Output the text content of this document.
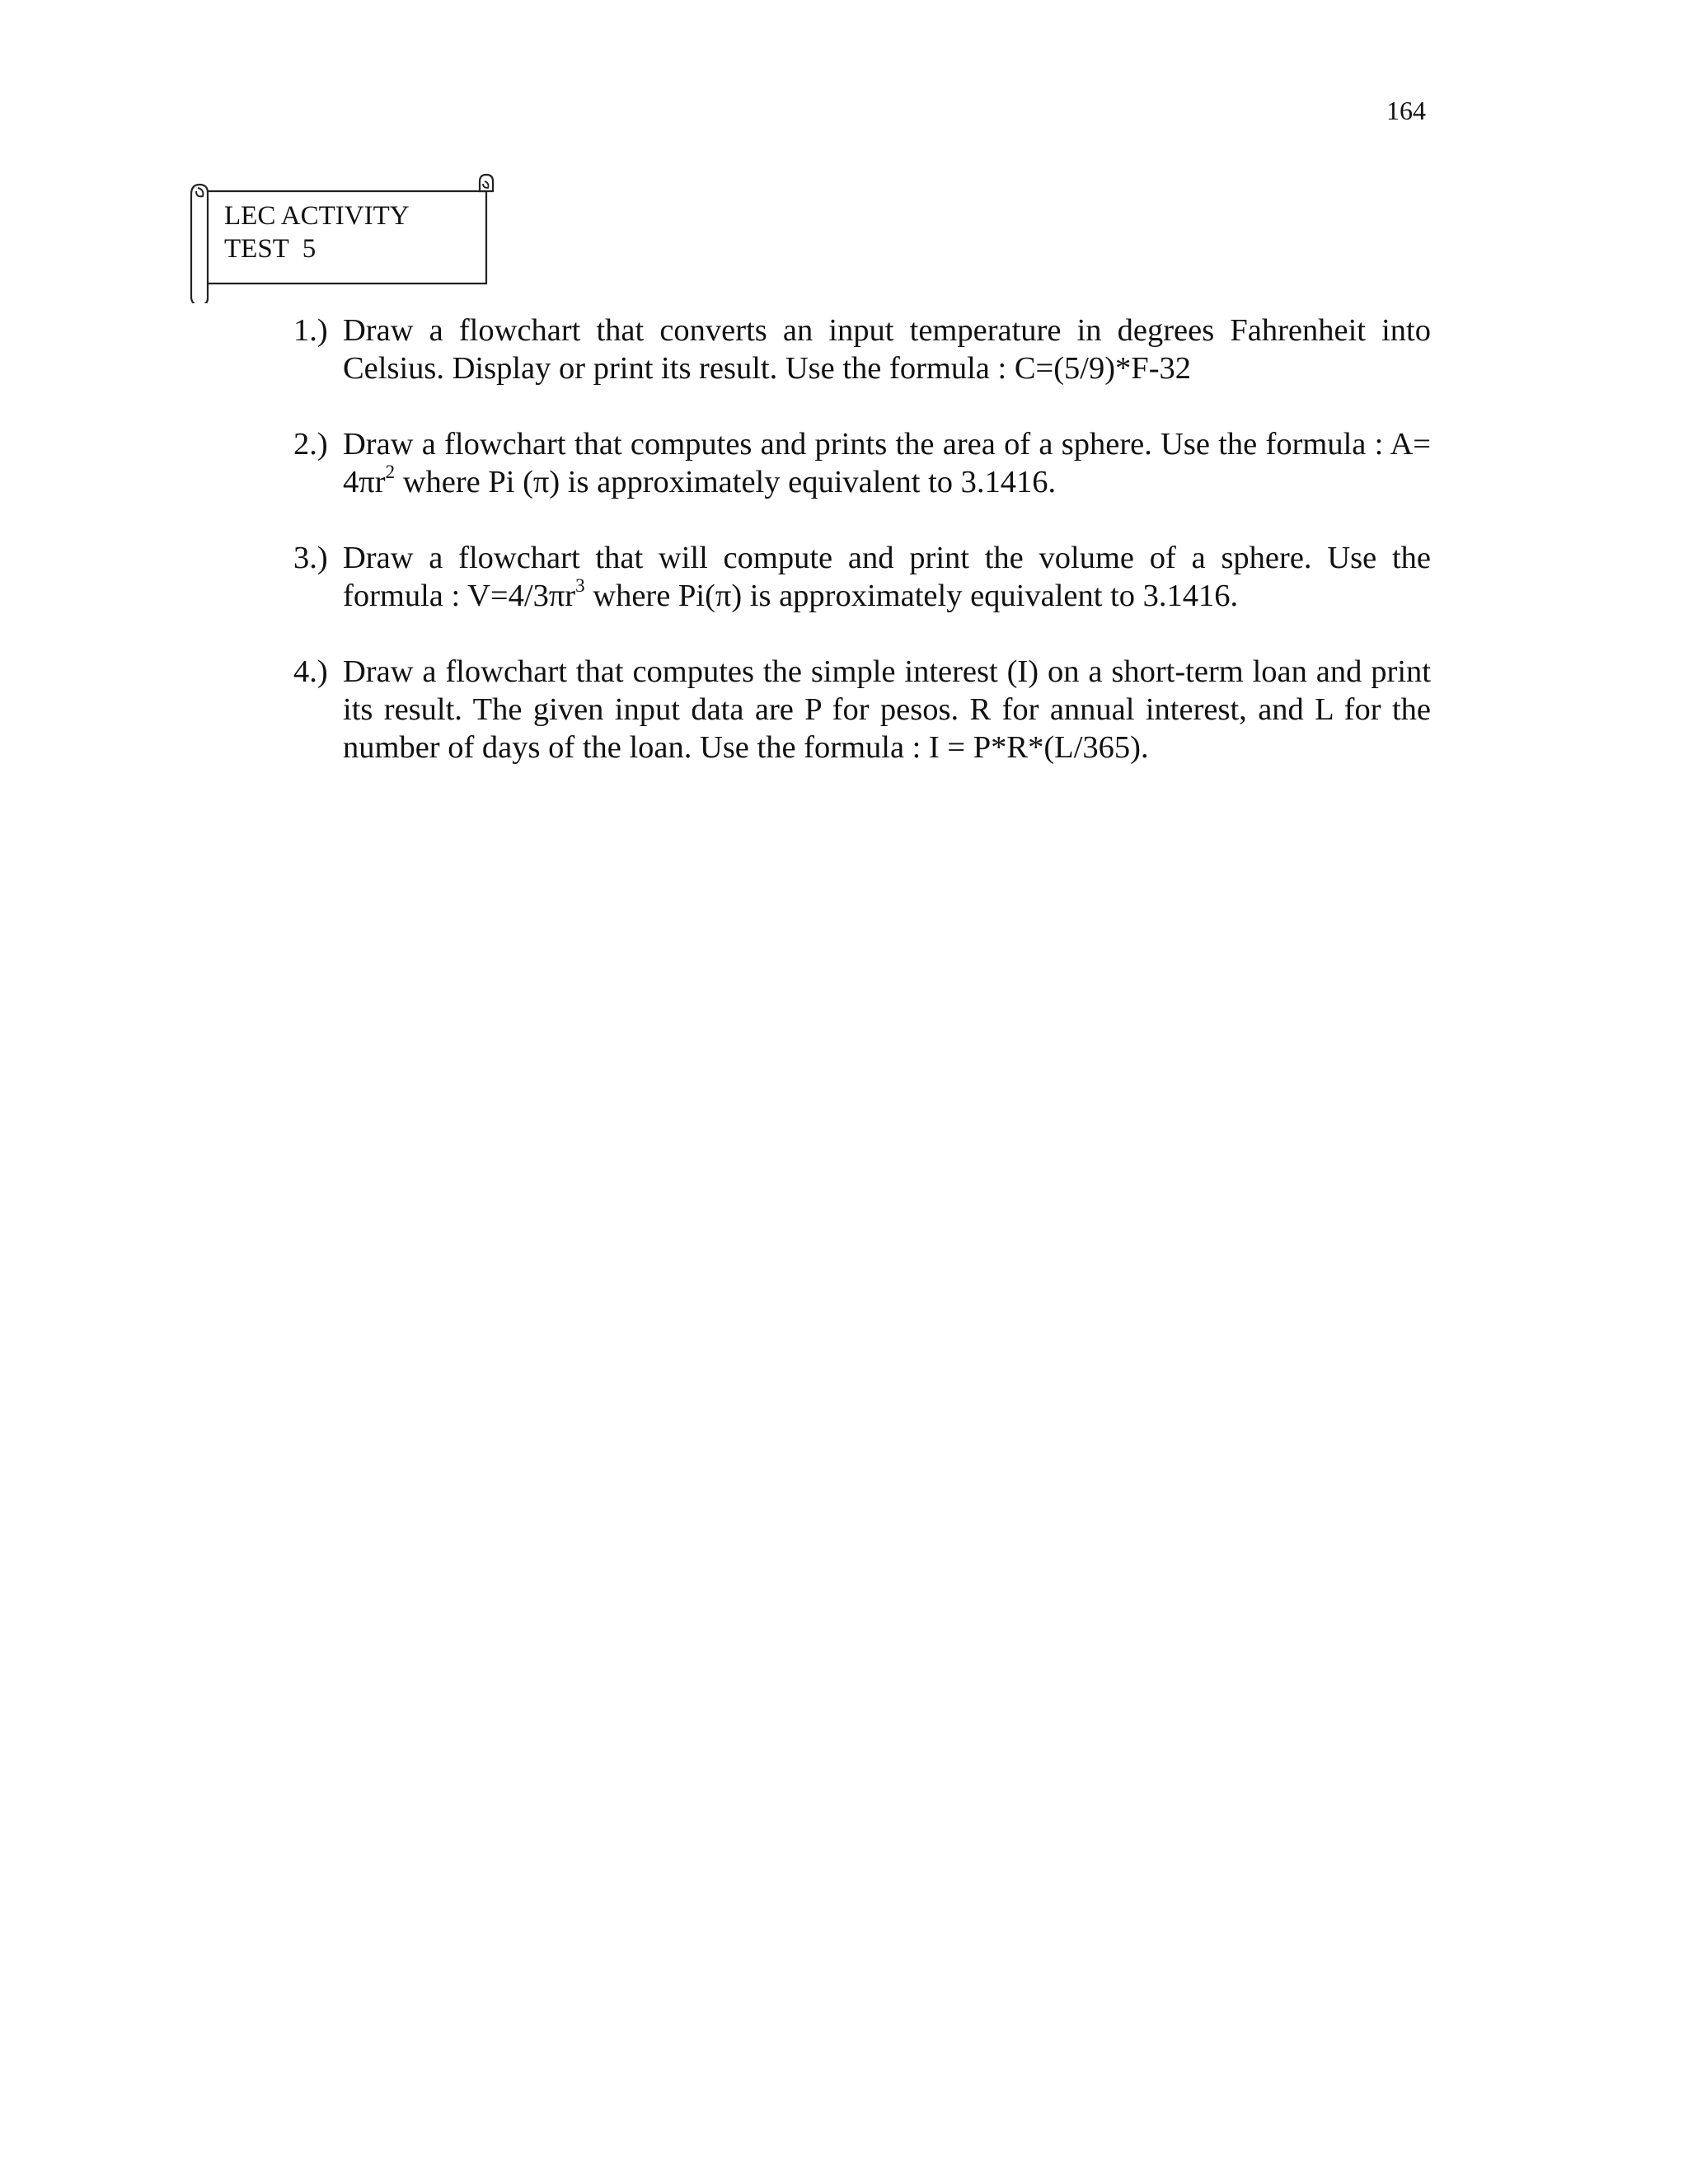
164
LEC ACTIVITY
TEST  5
1.) Draw a flowchart that converts an input temperature in degrees Fahrenheit into Celsius. Display or print its result. Use the formula : C=(5/9)*F-32
2.) Draw a flowchart that computes and prints the area of a sphere. Use the formula : $A= 4\pi r^2$ where Pi (π) is approximately equivalent to 3.1416.
3.) Draw a flowchart that will compute and print the volume of a sphere. Use the formula : $V=4/3\pi r^3$ where Pi(π) is approximately equivalent to 3.1416.
4.) Draw a flowchart that computes the simple interest (I) on a short-term loan and print its result. The given input data are P for pesos. R for annual interest, and L for the number of days of the loan. Use the formula : I = P*R*(L/365).
